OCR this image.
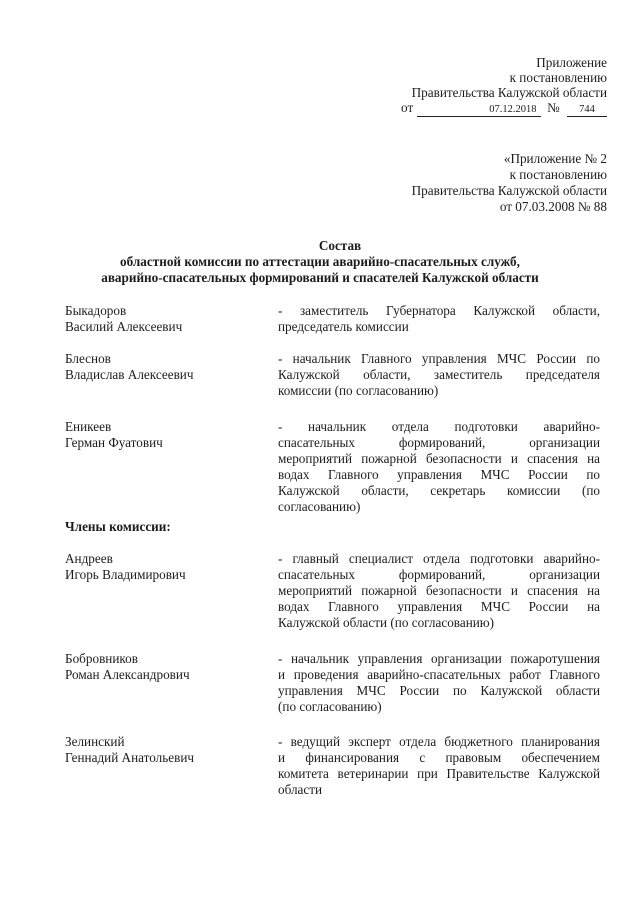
Приложение
к постановлению
Правительства Калужской области
от	07.12.2018 № 744
«Приложение № 2
к постановлению
Правительства Калужской области
от 07.03.2008 № 88
Состав
областной комиссии по аттестации аварийно-спасательных служб,
аварийно-спасательных формирований и спасателей Калужской области
Быкадоров
Василий Алексеевич
- заместитель Губернатора Калужской области,
председатель комиссии
Блеснов
Владислав Алексеевич
- начальник Главного управления МЧС России по
Калужской области, заместитель председателя
комиссии (по согласованию)
Еникеев
Герман Фуатович
- начальник отдела подготовки аварийно-
спасательных формирований, организации
мероприятий пожарной безопасности и спасения на
водах Главного управления МЧС России по
Калужской области, секретарь комиссии (по
согласованию)
Члены комиссии:
Андреев
Игорь Владимирович
- главный специалист отдела подготовки аварийно-
спасательных формирований, организации
мероприятий пожарной безопасности и спасения на
водах Главного управления МЧС России на
Калужской области (по согласованию)
Бобровников
Роман Александрович
- начальник управления организации пожаротушения
и проведения аварийно-спасательных работ Главного
управления МЧС России по Калужской области
(по согласованию)
Зелинский
Геннадий Анатольевич
- ведущий эксперт отдела бюджетного планирования
и финансирования с правовым обеспечением
комитета ветеринарии при Правительстве Калужской
области
